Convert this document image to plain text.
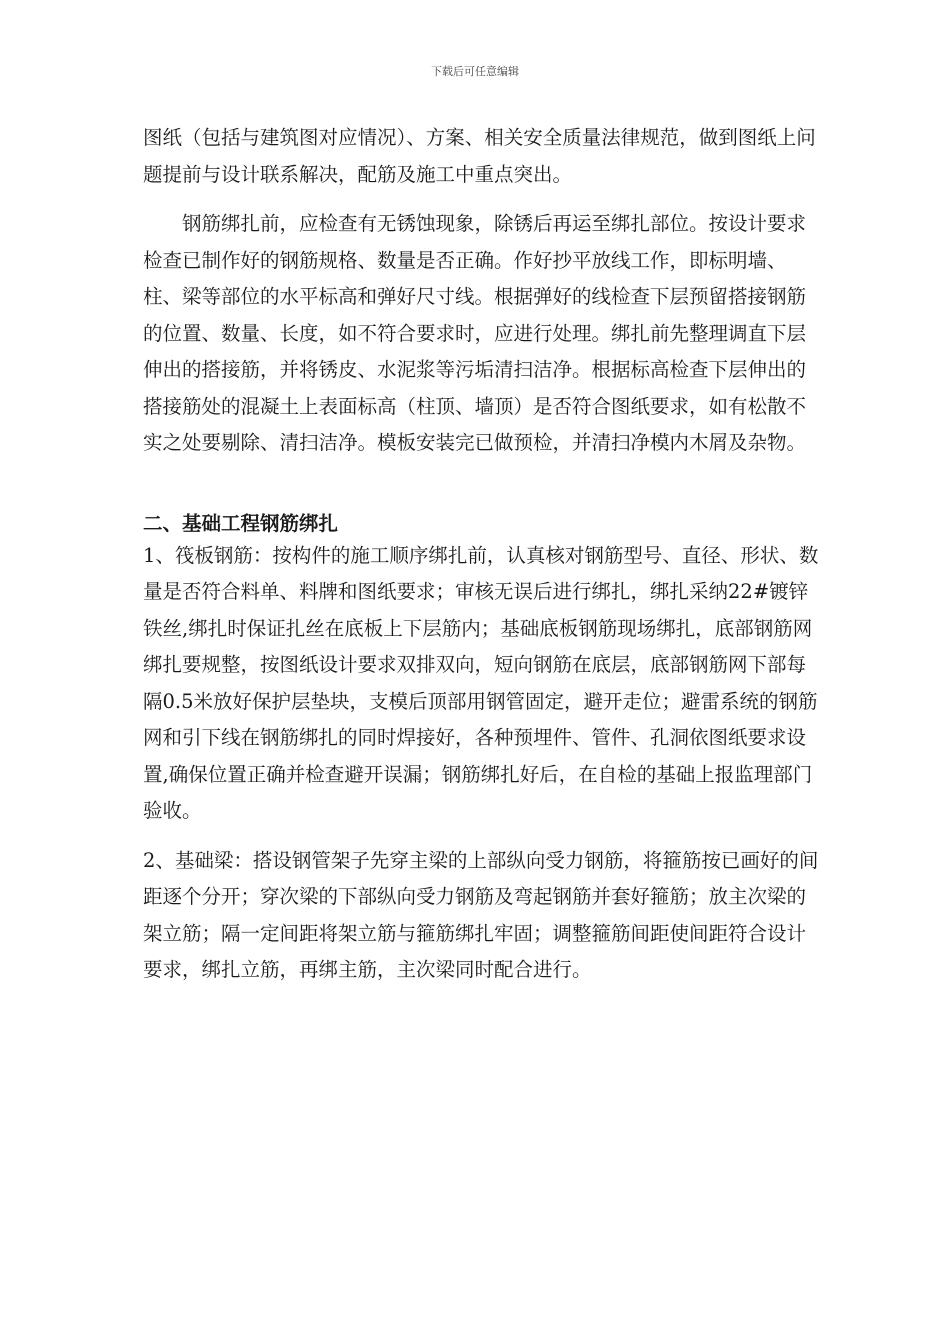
下载后可任意编辑

图纸（包括与建筑图对应情况）、方案、相关安全质量法律规范，做到图纸上问题提前与设计联系解决，配筋及施工中重点突出。

钢筋绑扎前，应检查有无锈蚀现象，除锈后再运至绑扎部位。按设计要求检查已制作好的钢筋规格、数量是否正确。作好抄平放线工作，即标明墙、柱、梁等部位的水平标高和弹好尺寸线。根据弹好的线检查下层预留搭接钢筋的位置、数量、长度，如不符合要求时，应进行处理。绑扎前先整理调直下层伸出的搭接筋，并将锈皮、水泥浆等污垢清扫洁净。根据标高检查下层伸出的搭接筋处的混凝土上表面标高（柱顶、墙顶）是否符合图纸要求，如有松散不实之处要剔除、清扫洁净。模板安装完已做预检，并清扫净模内木屑及杂物。

二、基础工程钢筋绑扎

1、筏板钢筋：按构件的施工顺序绑扎前，认真核对钢筋型号、直径、形状、数量是否符合料单、料牌和图纸要求；审核无误后进行绑扎，绑扎采纳22#镀锌铁丝,绑扎时保证扎丝在底板上下层筋内；基础底板钢筋现场绑扎，底部钢筋网绑扎要规整，按图纸设计要求双排双向，短向钢筋在底层，底部钢筋网下部每隔0.5米放好保护层垫块，支模后顶部用钢管固定，避开走位；避雷系统的钢筋网和引下线在钢筋绑扎的同时焊接好，各种预埋件、管件、孔洞依图纸要求设置,确保位置正确并检查避开误漏；钢筋绑扎好后，在自检的基础上报监理部门验收。

2、基础梁：搭设钢管架子先穿主梁的上部纵向受力钢筋，将箍筋按已画好的间距逐个分开；穿次梁的下部纵向受力钢筋及弯起钢筋并套好箍筋；放主次梁的架立筋；隔一定间距将架立筋与箍筋绑扎牢固；调整箍筋间距使间距符合设计要求，绑扎立筋，再绑主筋，主次梁同时配合进行。
